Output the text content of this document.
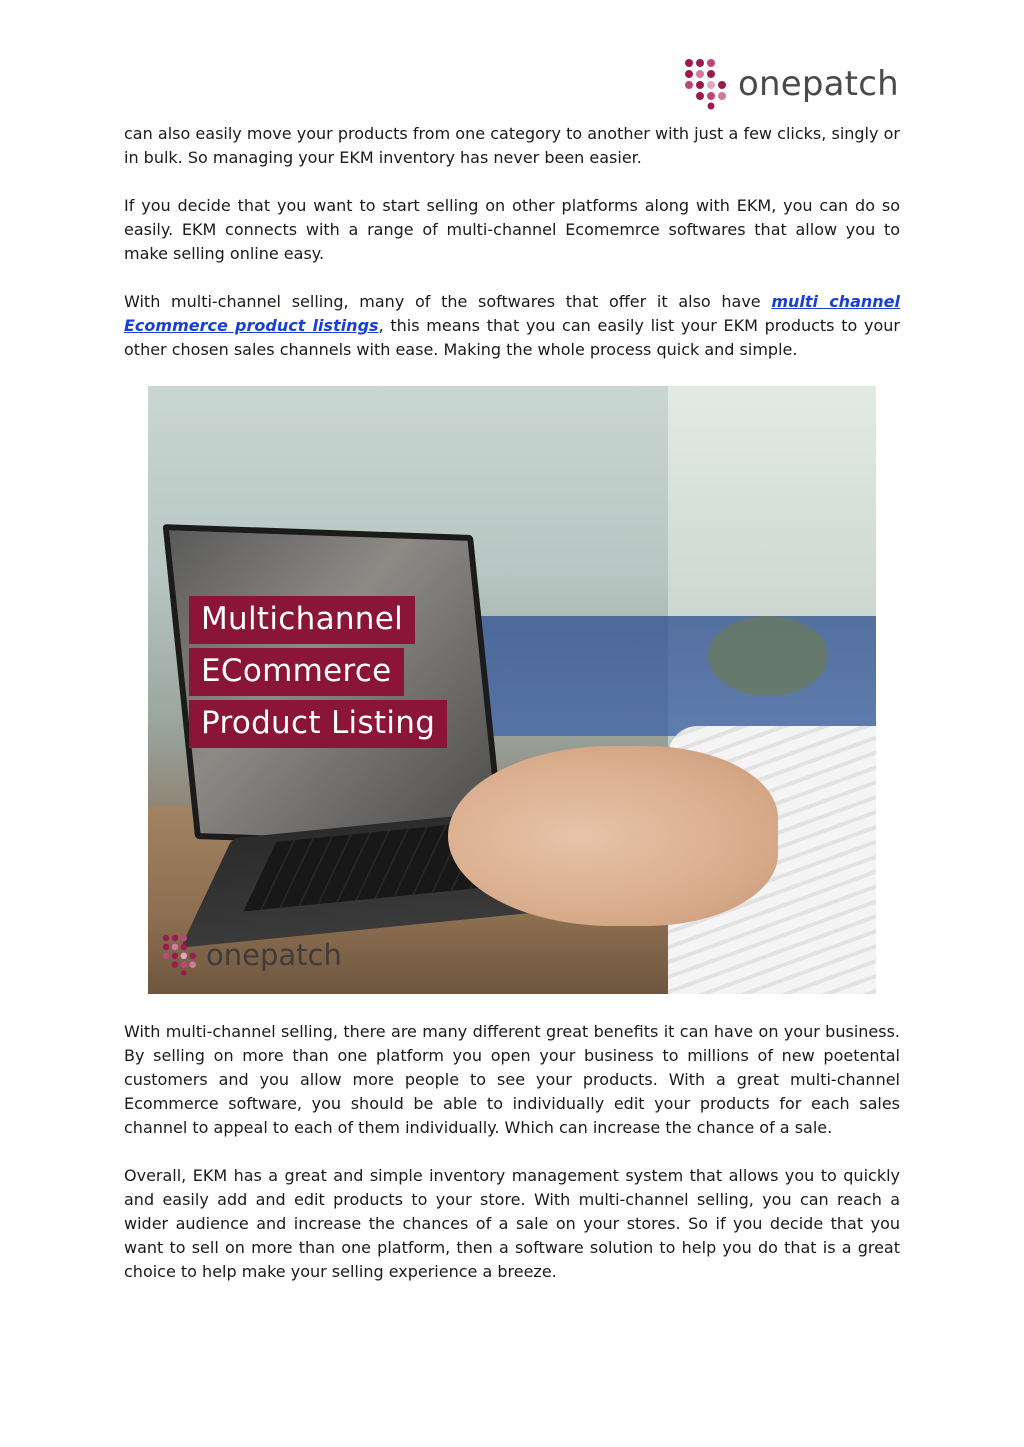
onepatch

can also easily move your products from one category to another with just a few clicks, singly or in bulk. So managing your EKM inventory has never been easier.

If you decide that you want to start selling on other platforms along with EKM, you can do so easily. EKM connects with a range of multi-channel Ecomemrce softwares that allow you to make selling online easy.

With multi-channel selling, many of the softwares that offer it also have multi channel Ecommerce product listings, this means that you can easily list your EKM products to your other chosen sales channels with ease. Making the whole process quick and simple.

Multichannel
ECommerce
Product Listing
onepatch

With multi-channel selling, there are many different great benefits it can have on your business. By selling on more than one platform you open your business to millions of new poetental customers and you allow more people to see your products. With a great multi-channel Ecommerce software, you should be able to individually edit your products for each sales channel to appeal to each of them individually. Which can increase the chance of a sale.

Overall, EKM has a great and simple inventory management system that allows you to quickly and easily add and edit products to your store. With multi-channel selling, you can reach a wider audience and increase the chances of a sale on your stores. So if you decide that you want to sell on more than one platform, then a software solution to help you do that is a great choice to help make your selling experience a breeze.
